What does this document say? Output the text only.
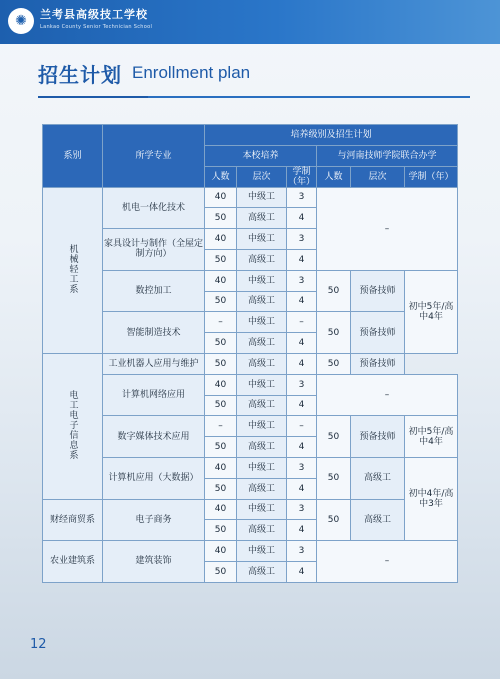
✺	兰考县高级技工学校
Lankao County Senior Technician School
招生计划 Enrollment plan
系别	所学专业	培养级别及招生计划					
		本校培养			与河南技师学院联合办学		
		人数	层次	学制（年）	人数	层次	学制（年）
机械轻工系	机电一体化技术	40	中级工	3	–		
		50	高级工	4			
	家具设计与制作（全屋定制方向）	40	中级工	3			
		50	高级工	4			
	数控加工	40	中级工	3	50	预备技师	初中5年/高中4年
		50	高级工	4			
	智能制造技术	–	中级工	–	50	预备技师	
		50	高级工	4			
电工电子信息系	工业机器人应用与维护	50	高级工	4	50	预备技师	
	计算机网络应用	40	中级工	3	–		
		50	高级工	4			
	数字媒体技术应用	–	中级工	–	50	预备技师	初中5年/高中4年
		50	高级工	4			
	计算机应用（大数据）	40	中级工	3	50	高级工	初中4年/高中3年
		50	高级工	4			
财经商贸系	电子商务	40	中级工	3	50	高级工	
		50	高级工	4			
农业建筑系	建筑装饰	40	中级工	3	–		
		50	高级工	4			
12
